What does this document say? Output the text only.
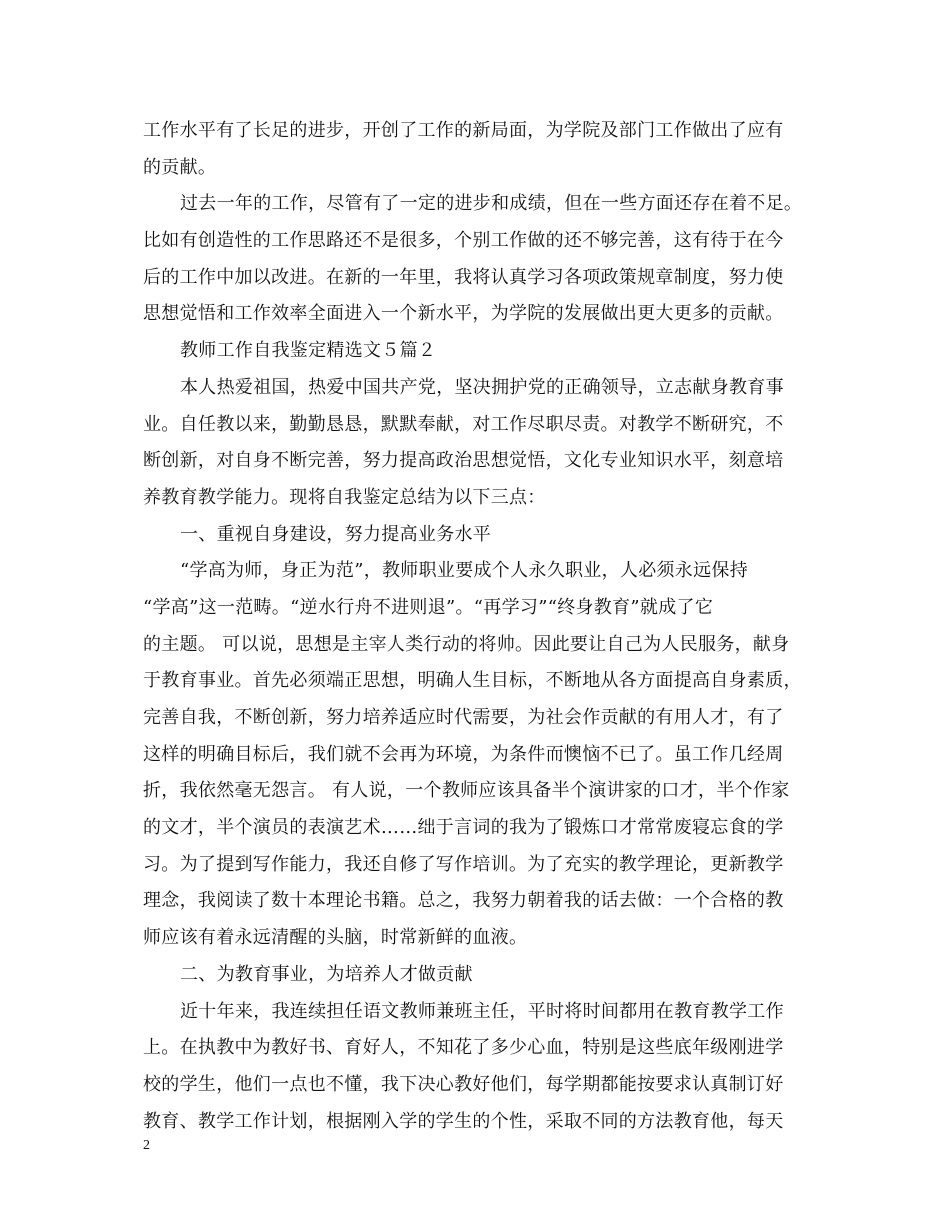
工作水平有了长足的进步，开创了工作的新局面，为学院及部门工作做出了应有
的贡献。
过去一年的工作，尽管有了一定的进步和成绩，但在一些方面还存在着不足。
比如有创造性的工作思路还不是很多，个别工作做的还不够完善，这有待于在今
后的工作中加以改进。在新的一年里，我将认真学习各项政策规章制度，努力使
思想觉悟和工作效率全面进入一个新水平，为学院的发展做出更大更多的贡献。
教师工作自我鉴定精选文５篇２
本人热爱祖国，热爱中国共产党，坚决拥护党的正确领导，立志献身教育事
业。自任教以来，勤勤恳恳，默默奉献，对工作尽职尽责。对教学不断研究，不
断创新，对自身不断完善，努力提高政治思想觉悟，文化专业知识水平，刻意培
养教育教学能力。现将自我鉴定总结为以下三点：
一、重视自身建设，努力提高业务水平
“学高为师，身正为范”，教师职业要成个人永久职业，人必须永远保持
“学高”这一范畴。“逆水行舟不进则退”。“再学习”“终身教育”就成了它
的主题。 可以说，思想是主宰人类行动的将帅。因此要让自己为人民服务，献身
于教育事业。首先必须端正思想，明确人生目标，不断地从各方面提高自身素质，
完善自我，不断创新，努力培养适应时代需要，为社会作贡献的有用人才，有了
这样的明确目标后，我们就不会再为环境，为条件而懊恼不已了。虽工作几经周
折，我依然毫无怨言。 有人说，一个教师应该具备半个演讲家的口才，半个作家
的文才，半个演员的表演艺术……绌于言词的我为了锻炼口才常常废寝忘食的学
习。为了提到写作能力，我还自修了写作培训。为了充实的教学理论，更新教学
理念，我阅读了数十本理论书籍。总之，我努力朝着我的话去做：一个合格的教
师应该有着永远清醒的头脑，时常新鲜的血液。
二、为教育事业，为培养人才做贡献
近十年来，我连续担任语文教师兼班主任，平时将时间都用在教育教学工作
上。在执教中为教好书、育好人，不知花了多少心血，特别是这些底年级刚进学
校的学生，他们一点也不懂，我下决心教好他们，每学期都能按要求认真制订好
教育、教学工作计划，根据刚入学的学生的个性，采取不同的方法教育他，每天
2
